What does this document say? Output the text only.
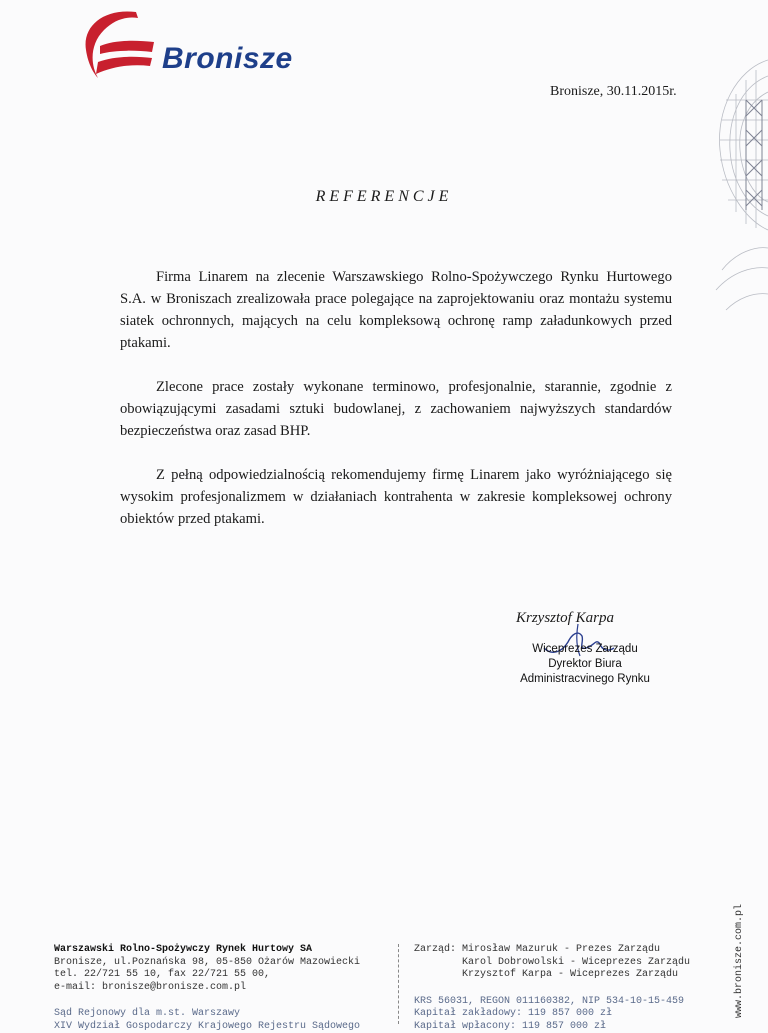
Bronisze
Bronisze, 30.11.2015r.
REFERENCJE

Firma Linarem na zlecenie Warszawskiego Rolno-Spożywczego Rynku Hurtowego S.A. w Broniszach zrealizowała prace polegające na zaprojektowaniu oraz montażu systemu siatek ochronnych, mających na celu kompleksową ochronę ramp załadunkowych przed ptakami.

Zlecone prace zostały wykonane terminowo, profesjonalnie, starannie, zgodnie z obowiązującymi zasadami sztuki budowlanej, z zachowaniem najwyższych standardów bezpieczeństwa oraz zasad BHP.

Z pełną odpowiedzialnością rekomendujemy firmę Linarem jako wyróżniającego się wysokim profesjonalizmem w działaniach kontrahenta w zakresie kompleksowej ochrony obiektów przed ptakami.

Krzysztof Karpa
Wiceprezes Zarządu
Dyrektor Biura
Administracvinego Rynku
Warszawski Rolno-Spożywczy Rynek Hurtowy SA
Bronisze, ul.Poznańska 98, 05-850 Ożarów Mazowiecki
tel. 22/721 55 10, fax 22/721 55 00,
e-mail: bronisze@bronisze.com.pl
Sąd Rejonowy dla m.st. Warszawy
XIV Wydział Gospodarczy Krajowego Rejestru Sądowego
Zarząd: Mirosław Mazuruk - Prezes Zarządu
Karol Dobrowolski - Wiceprezes Zarządu
Krzysztof Karpa - Wiceprezes Zarządu
KRS 56031, REGON 011160382, NIP 534-10-15-459
Kapitał zakładowy: 119 857 000 zł
Kapitał wpłacony: 119 857 000 zł
www.bronisze.com.pl
